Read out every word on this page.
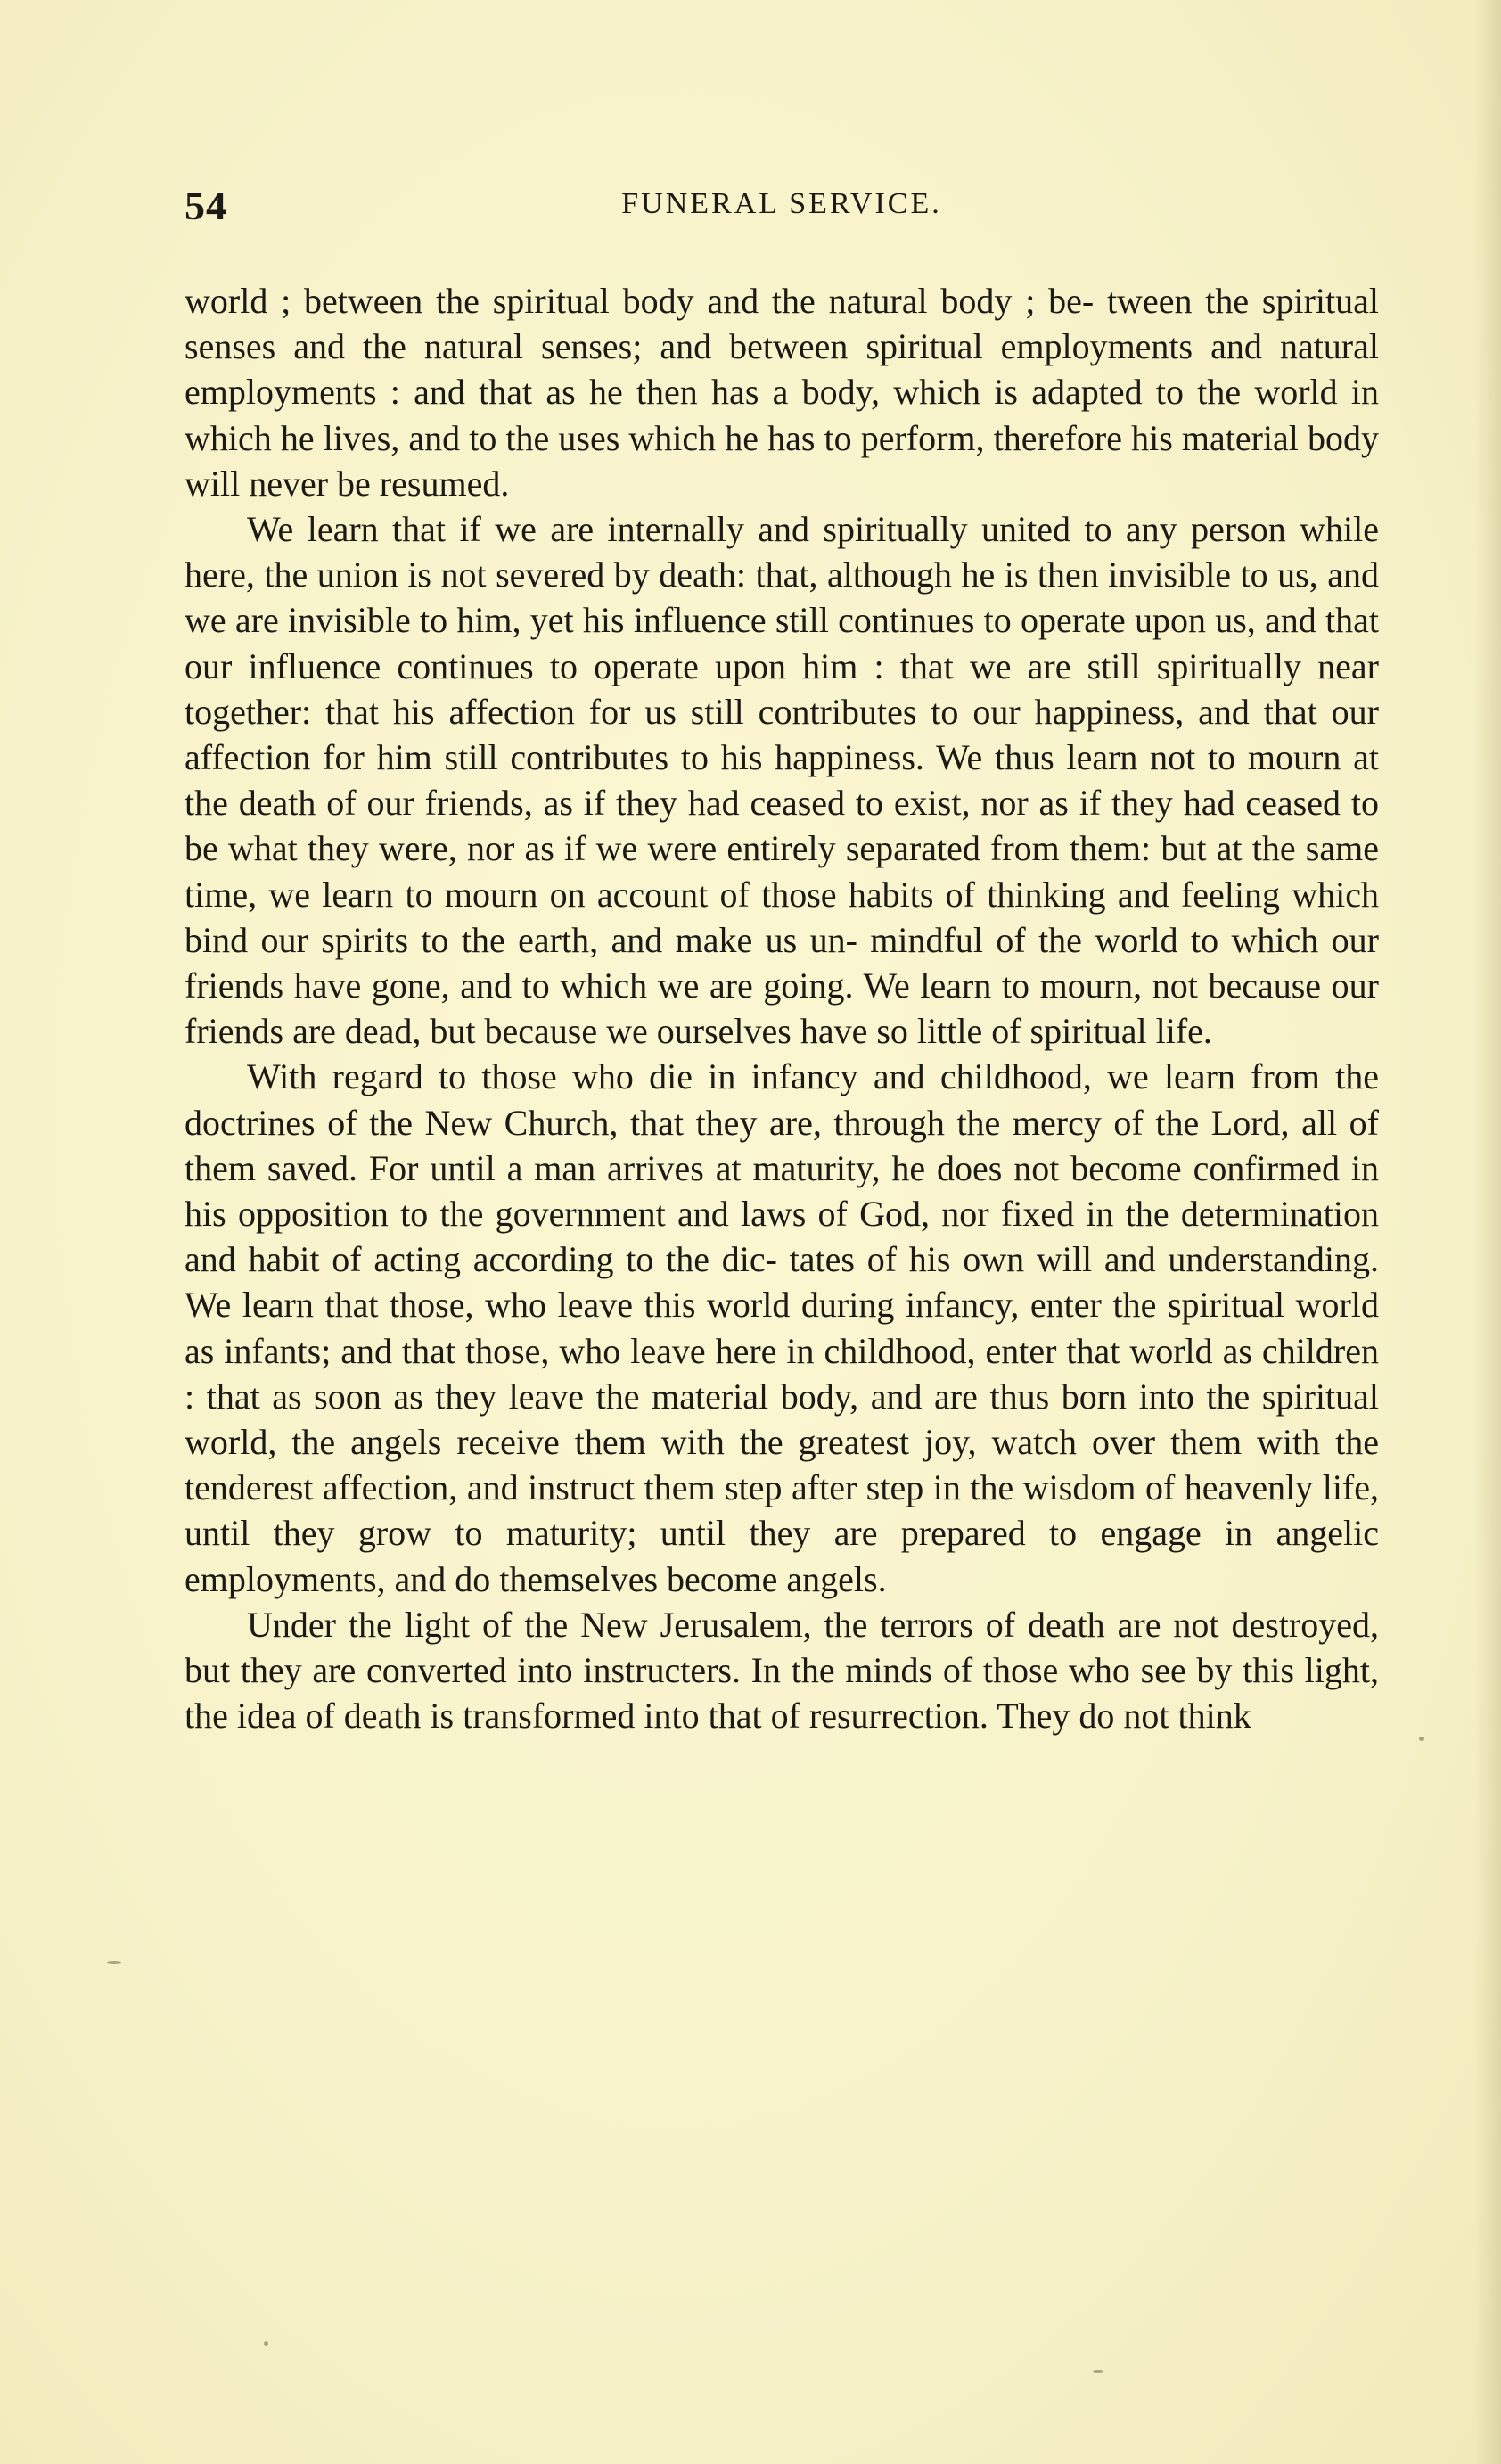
54	FUNERAL SERVICE.

world ; between the spiritual body and the natural body ; be- tween the spiritual senses and the natural senses; and between spiritual employments and natural employments : and that as he then has a body, which is adapted to the world in which he lives, and to the uses which he has to perform, therefore his material body will never be resumed.

We learn that if we are internally and spiritually united to any person while here, the union is not severed by death: that, although he is then invisible to us, and we are invisible to him, yet his influence still continues to operate upon us, and that our influence continues to operate upon him : that we are still spiritually near together: that his affection for us still contributes to our happiness, and that our affection for him still contributes to his happiness. We thus learn not to mourn at the death of our friends, as if they had ceased to exist, nor as if they had ceased to be what they were, nor as if we were entirely separated from them: but at the same time, we learn to mourn on account of those habits of thinking and feeling which bind our spirits to the earth, and make us un- mindful of the world to which our friends have gone, and to which we are going. We learn to mourn, not because our friends are dead, but because we ourselves have so little of spiritual life.

With regard to those who die in infancy and childhood, we learn from the doctrines of the New Church, that they are, through the mercy of the Lord, all of them saved. For until a man arrives at maturity, he does not become confirmed in his opposition to the government and laws of God, nor fixed in the determination and habit of acting according to the dic- tates of his own will and understanding. We learn that those, who leave this world during infancy, enter the spiritual world as infants; and that those, who leave here in childhood, enter that world as children : that as soon as they leave the material body, and are thus born into the spiritual world, the angels receive them with the greatest joy, watch over them with the tenderest affection, and instruct them step after step in the wisdom of heavenly life, until they grow to maturity; until they are prepared to engage in angelic employments, and do themselves become angels.

Under the light of the New Jerusalem, the terrors of death are not destroyed, but they are converted into instructers. In the minds of those who see by this light, the idea of death is transformed into that of resurrection. They do not think
